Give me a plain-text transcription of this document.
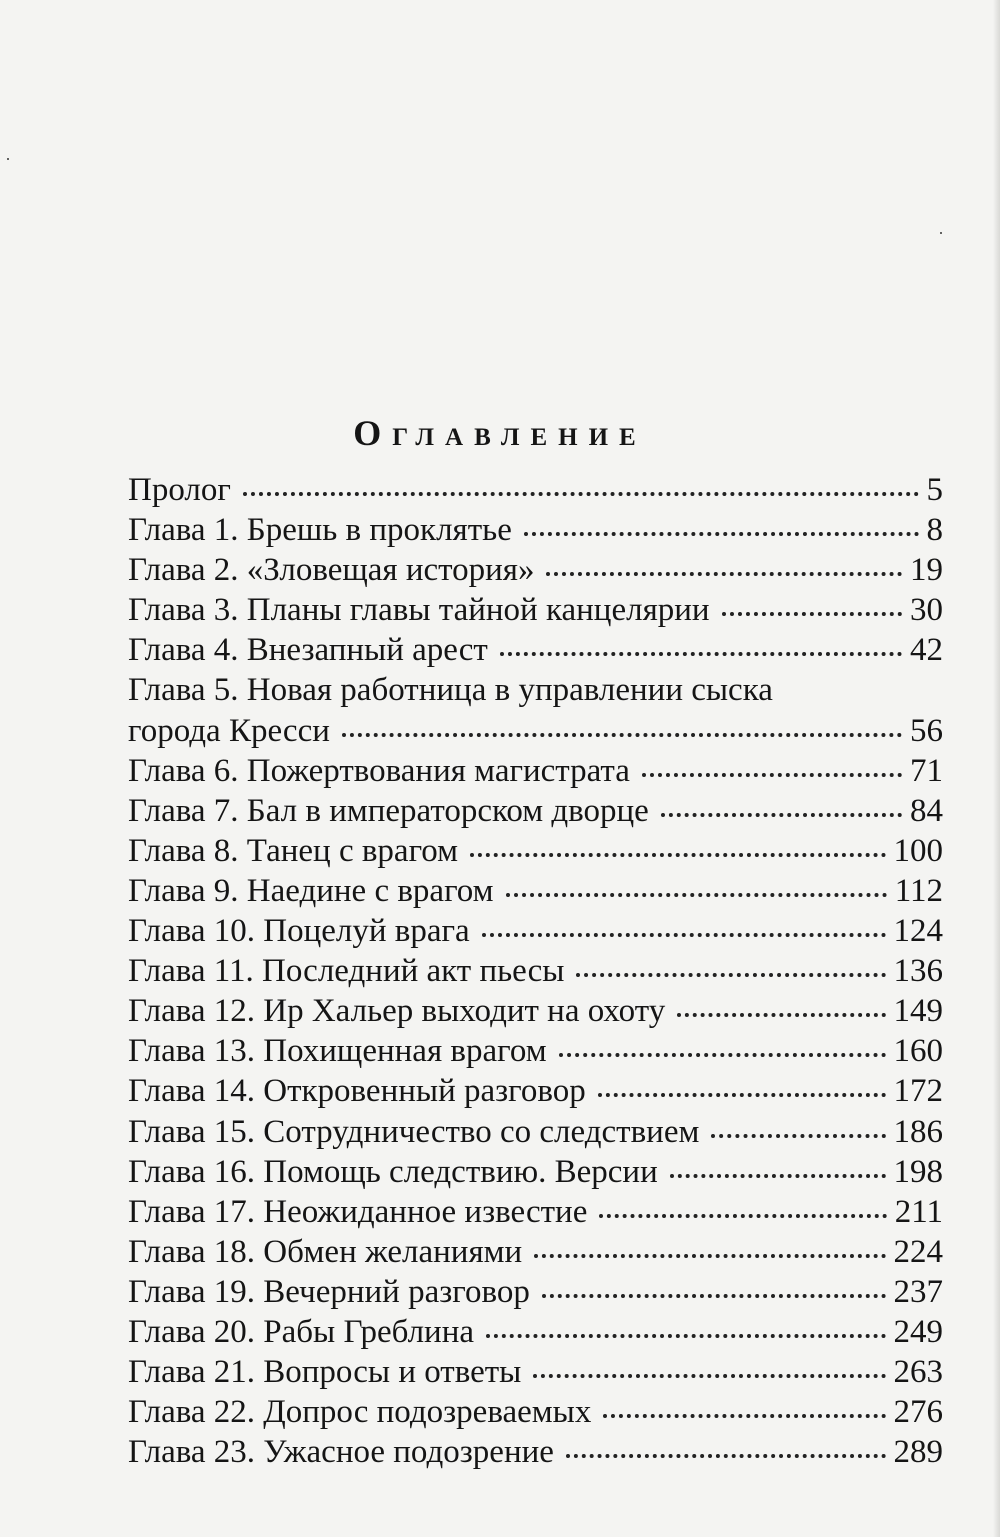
Оглавление
Пролог	5
Глава 1. Брешь в проклятье	8
Глава 2. «Зловещая история»	19
Глава 3. Планы главы тайной канцелярии	30
Глава 4. Внезапный арест	42
Глава 5. Новая работница в управлении сыска
города Кресси	56
Глава 6. Пожертвования магистрата	71
Глава 7. Бал в императорском дворце	84
Глава 8. Танец с врагом	100
Глава 9. Наедине с врагом	112
Глава 10. Поцелуй врага	124
Глава 11. Последний акт пьесы	136
Глава 12. Ир Хальер выходит на охоту	149
Глава 13. Похищенная врагом	160
Глава 14. Откровенный разговор	172
Глава 15. Сотрудничество со следствием	186
Глава 16. Помощь следствию. Версии	198
Глава 17. Неожиданное известие	211
Глава 18. Обмен желаниями	224
Глава 19. Вечерний разговор	237
Глава 20. Рабы Греблина	249
Глава 21. Вопросы и ответы	263
Глава 22. Допрос подозреваемых	276
Глава 23. Ужасное подозрение	289
